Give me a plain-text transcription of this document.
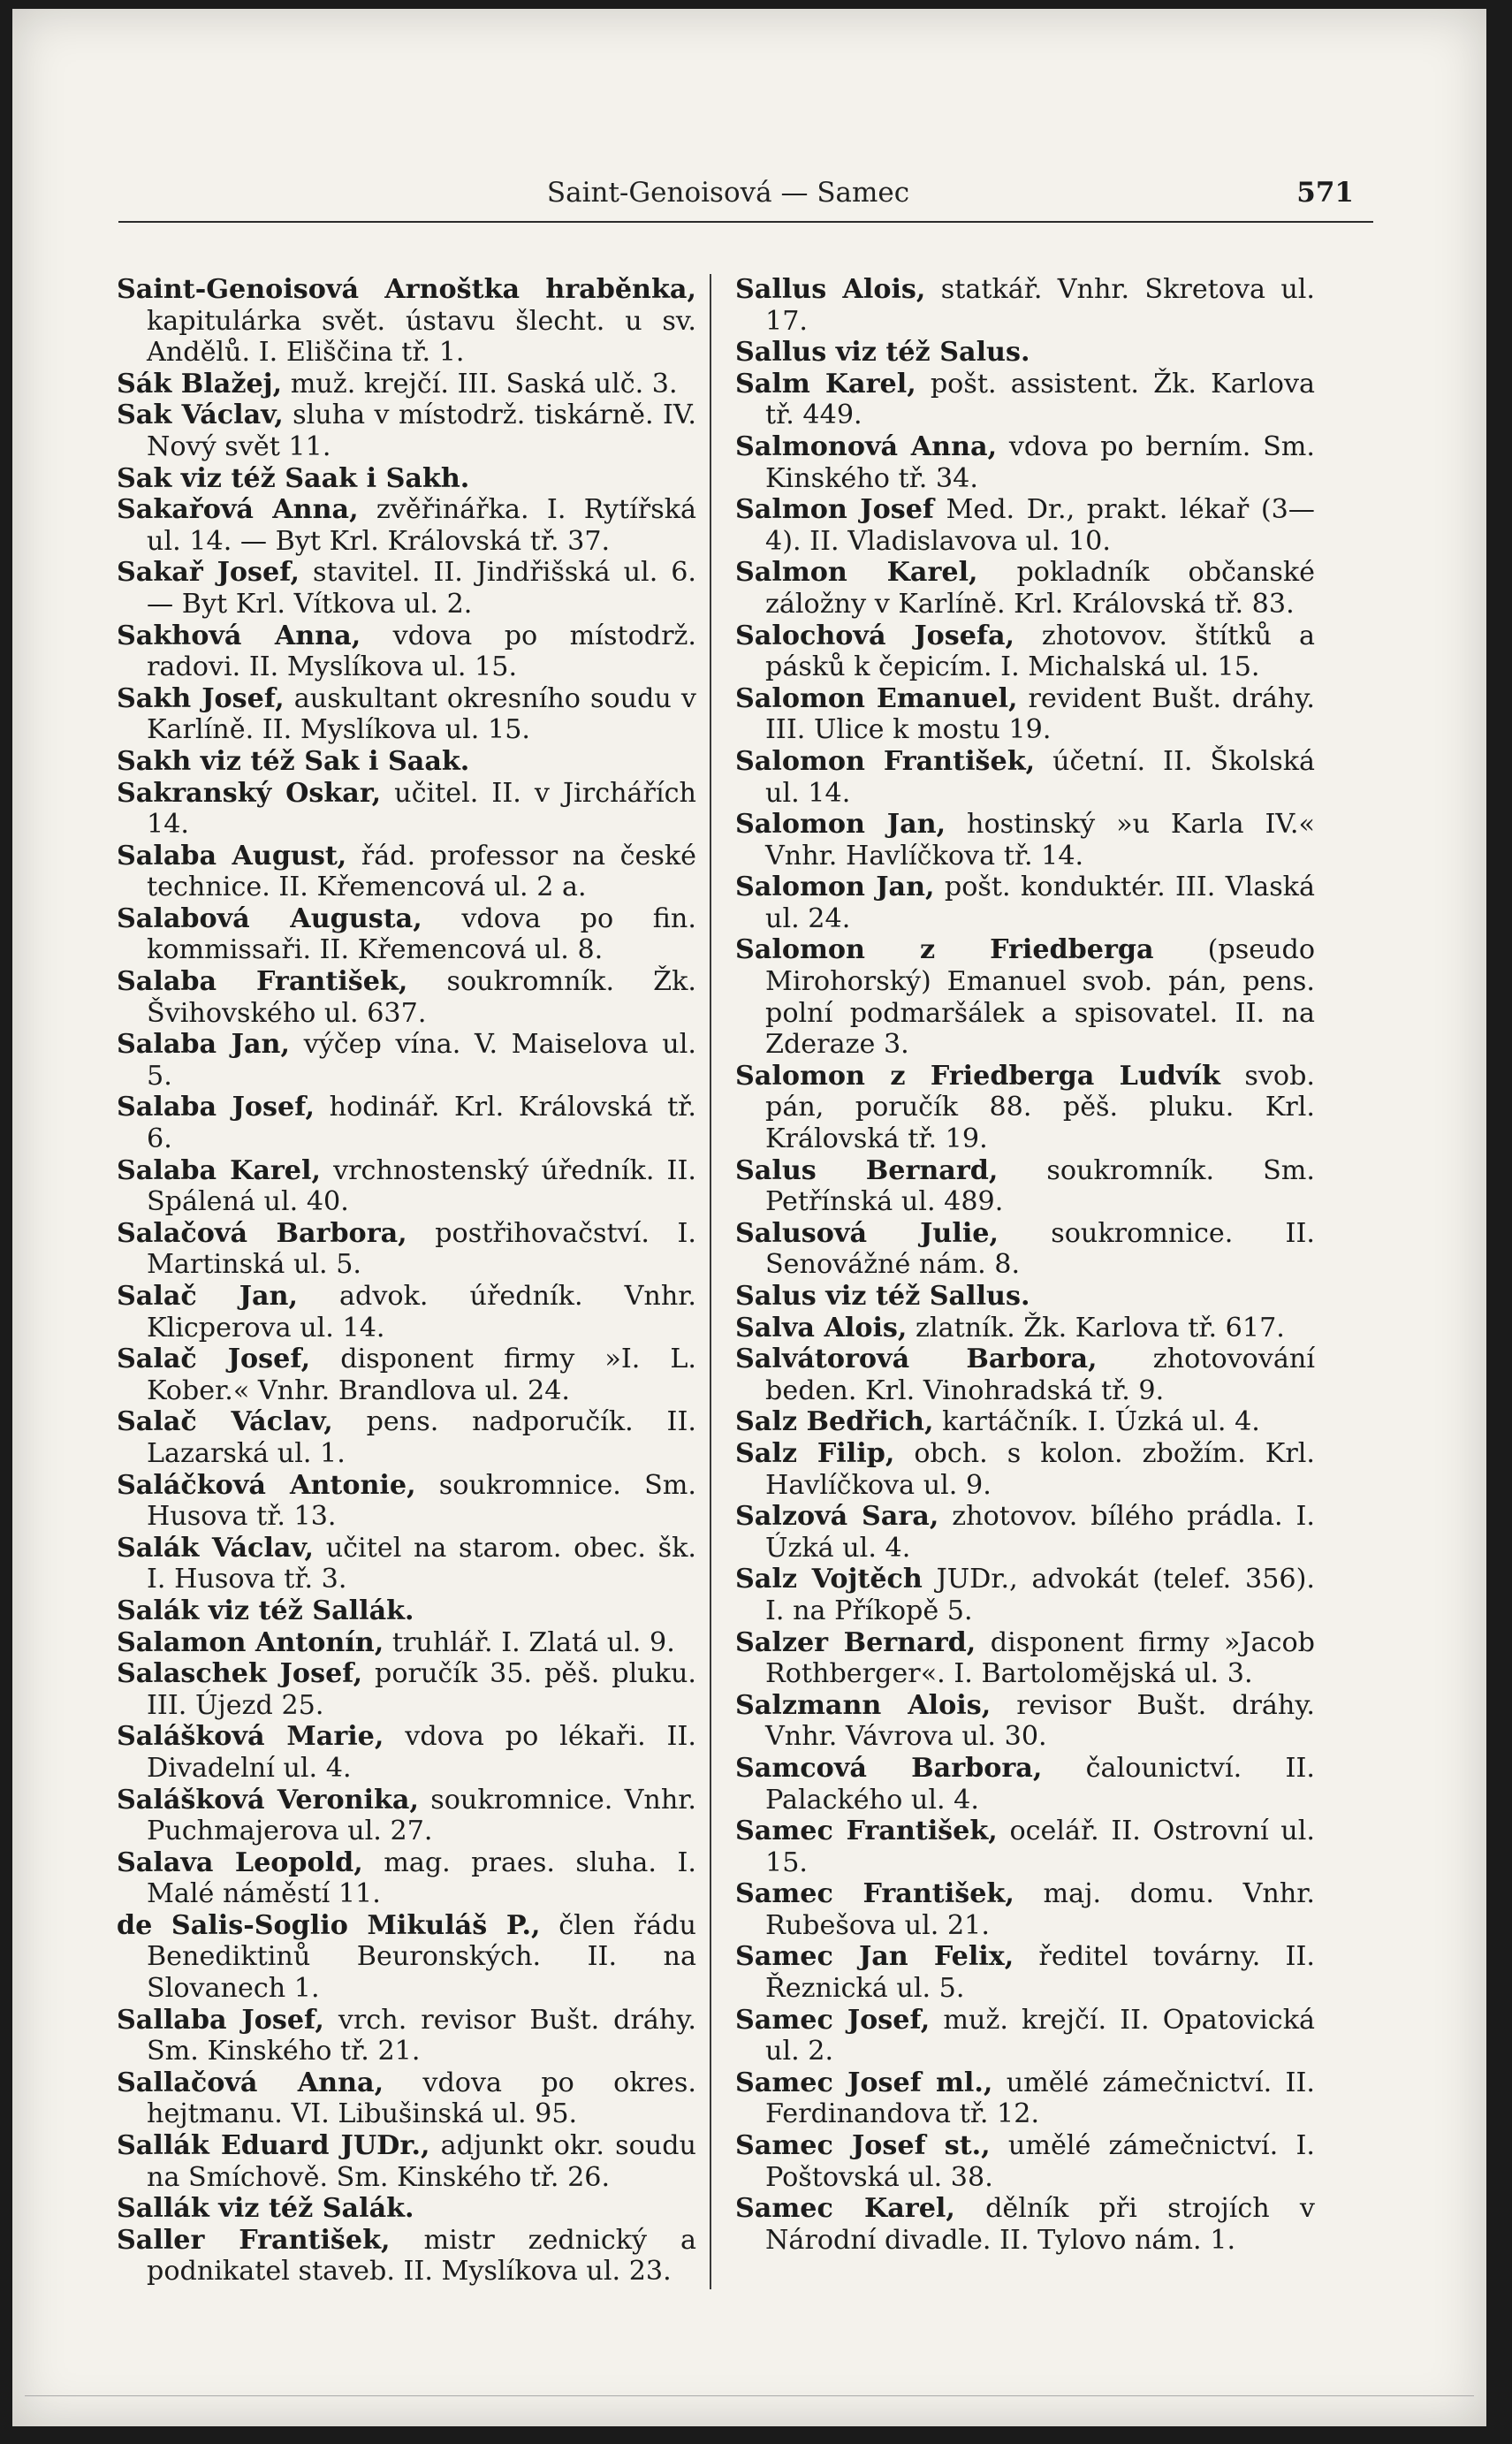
Saint-Genoisová — Samec	571

Saint-Genoisová Arnoštka hraběnka, kapitulárka svět. ústavu šlecht. u sv. Andělů. I. Eliščina tř. 1.

Sák Blažej, muž. krejčí. III. Saská ulč. 3.

Sak Václav, sluha v místodrž. tiskárně. IV. Nový svět 11.

Sak viz též Saak i Sakh.

Sakařová Anna, zvěřinářka. I. Rytířská ul. 14. — Byt Krl. Královská tř. 37.

Sakař Josef, stavitel. II. Jindřišská ul. 6. — Byt Krl. Vítkova ul. 2.

Sakhová Anna, vdova po místodrž. radovi. II. Myslíkova ul. 15.

Sakh Josef, auskultant okresního soudu v Karlíně. II. Myslíkova ul. 15.

Sakh viz též Sak i Saak.

Sakranský Oskar, učitel. II. v Jirchářích 14.

Salaba August, řád. professor na české technice. II. Křemencová ul. 2 a.

Salabová Augusta, vdova po fin. kommissaři. II. Křemencová ul. 8.

Salaba František, soukromník. Žk. Švihovského ul. 637.

Salaba Jan, výčep vína. V. Maiselova ul. 5.

Salaba Josef, hodinář. Krl. Královská tř. 6.

Salaba Karel, vrchnostenský úředník. II. Spálená ul. 40.

Salačová Barbora, postřihovačství. I. Martinská ul. 5.

Salač Jan, advok. úředník. Vnhr. Klicperova ul. 14.

Salač Josef, disponent firmy »I. L. Kober.« Vnhr. Brandlova ul. 24.

Salač Václav, pens. nadporučík. II. Lazarská ul. 1.

Saláčková Antonie, soukromnice. Sm. Husova tř. 13.

Salák Václav, učitel na starom. obec. šk. I. Husova tř. 3.

Salák viz též Sallák.

Salamon Antonín, truhlář. I. Zlatá ul. 9.

Salaschek Josef, poručík 35. pěš. pluku. III. Újezd 25.

Salášková Marie, vdova po lékaři. II. Divadelní ul. 4.

Salášková Veronika, soukromnice. Vnhr. Puchmajerova ul. 27.

Salava Leopold, mag. praes. sluha. I. Malé náměstí 11.

de Salis-Soglio Mikuláš P., člen řádu Benediktinů Beuronských. II. na Slovanech 1.

Sallaba Josef, vrch. revisor Bušt. dráhy. Sm. Kinského tř. 21.

Sallačová Anna, vdova po okres. hejtmanu. VI. Libušinská ul. 95.

Sallák Eduard JUDr., adjunkt okr. soudu na Smíchově. Sm. Kinského tř. 26.

Sallák viz též Salák.

Saller František, mistr zednický a podnikatel staveb. II. Myslíkova ul. 23.

Sallus Alois, statkář. Vnhr. Skretova ul. 17.

Sallus viz též Salus.

Salm Karel, pošt. assistent. Žk. Karlova tř. 449.

Salmonová Anna, vdova po berním. Sm. Kinského tř. 34.

Salmon Josef Med. Dr., prakt. lékař (3—4). II. Vladislavova ul. 10.

Salmon Karel, pokladník občanské záložny v Karlíně. Krl. Královská tř. 83.

Salochová Josefa, zhotovov. štítků a pásků k čepicím. I. Michalská ul. 15.

Salomon Emanuel, revident Bušt. dráhy. III. Ulice k mostu 19.

Salomon František, účetní. II. Školská ul. 14.

Salomon Jan, hostinský »u Karla IV.« Vnhr. Havlíčkova tř. 14.

Salomon Jan, pošt. konduktér. III. Vlaská ul. 24.

Salomon z Friedberga (pseudo Mirohorský) Emanuel svob. pán, pens. polní podmaršálek a spisovatel. II. na Zderaze 3.

Salomon z Friedberga Ludvík svob. pán, poručík 88. pěš. pluku. Krl. Královská tř. 19.

Salus Bernard, soukromník. Sm. Petřínská ul. 489.

Salusová Julie, soukromnice. II. Senovážné nám. 8.

Salus viz též Sallus.

Salva Alois, zlatník. Žk. Karlova tř. 617.

Salvátorová Barbora, zhotovování beden. Krl. Vinohradská tř. 9.

Salz Bedřich, kartáčník. I. Úzká ul. 4.

Salz Filip, obch. s kolon. zbožím. Krl. Havlíčkova ul. 9.

Salzová Sara, zhotovov. bílého prádla. I. Úzká ul. 4.

Salz Vojtěch JUDr., advokát (telef. 356). I. na Příkopě 5.

Salzer Bernard, disponent firmy »Jacob Rothberger«. I. Bartolomějská ul. 3.

Salzmann Alois, revisor Bušt. dráhy. Vnhr. Vávrova ul. 30.

Samcová Barbora, čalounictví. II. Palackého ul. 4.

Samec František, ocelář. II. Ostrovní ul. 15.

Samec František, maj. domu. Vnhr. Rubešova ul. 21.

Samec Jan Felix, ředitel továrny. II. Řeznická ul. 5.

Samec Josef, muž. krejčí. II. Opatovická ul. 2.

Samec Josef ml., umělé zámečnictví. II. Ferdinandova tř. 12.

Samec Josef st., umělé zámečnictví. I. Poštovská ul. 38.

Samec Karel, dělník při strojích v Národní divadle. II. Tylovo nám. 1.
